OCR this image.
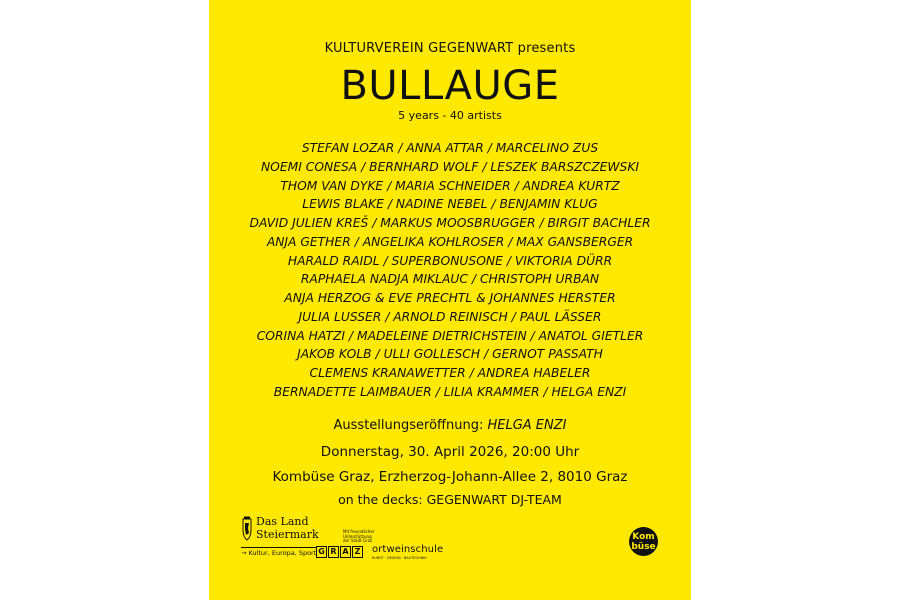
KULTURVEREIN GEGENWART presents
BULLAUGE
5 years - 40 artists
STEFAN LOZAR / ANNA ATTAR / MARCELINO ZUS
NOEMI CONESA / BERNHARD WOLF / LESZEK BARSZCZEWSKI
THOM VAN DYKE / MARIA SCHNEIDER / ANDREA KURTZ
LEWIS BLAKE / NADINE NEBEL / BENJAMIN KLUG
DAVID JULIEN KREŠ / MARKUS MOOSBRUGGER / BIRGIT BACHLER
ANJA GETHER / ANGELIKA KOHLROSER / MAX GANSBERGER
HARALD RAIDL / SUPERBONUSONE / VIKTORIA DÜRR
RAPHAELA NADJA MIKLAUC / CHRISTOPH URBAN
ANJA HERZOG & EVE PRECHTL & JOHANNES HERSTER
JULIA LUSSER / ARNOLD REINISCH / PAUL LÄSSER
CORINA HATZI / MADELEINE DIETRICHSTEIN / ANATOL GIETLER
JAKOB KOLB / ULLI GOLLESCH / GERNOT PASSATH
CLEMENS KRANAWETTER / ANDREA HABELER
BERNADETTE LAIMBAUER / LILIA KRAMMER / HELGA ENZI
Ausstellungseröffnung: HELGA ENZI
Donnerstag, 30. April 2026, 20:00 Uhr
Kombüse Graz, Erzherzog-Johann-Allee 2, 8010 Graz
on the decks: GEGENWART DJ-TEAM
Das Land
Steiermark
→ Kultur, Europa, Sport
Mit freundlicher Unterstützung der Stadt Graz
G R A Z ortweinschule
KUNST · DESIGN · BAUTECHNIK
Kom
büse
